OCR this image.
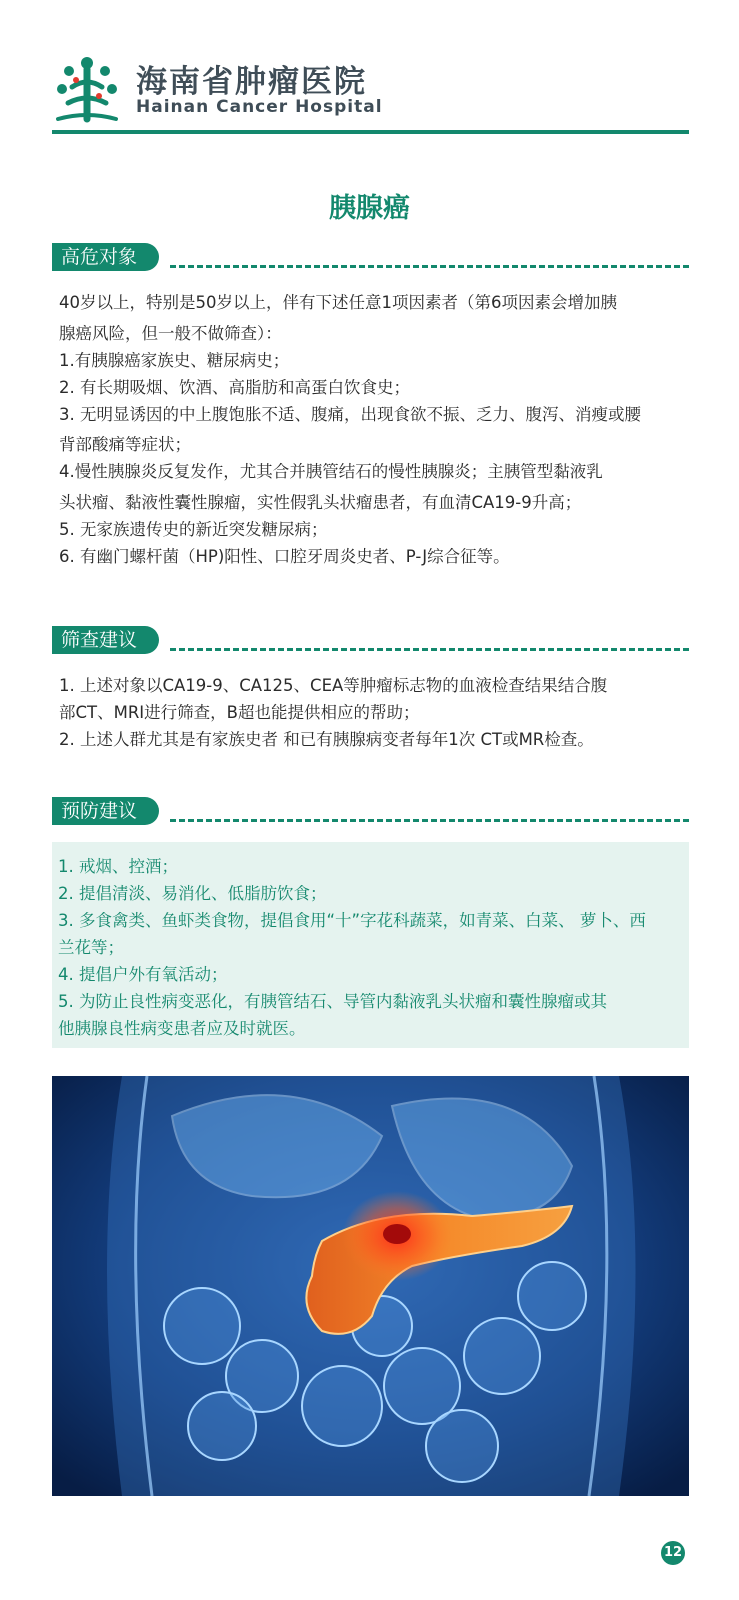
海南省肿瘤医院
Hainan Cancer Hospital
胰腺癌
高危对象
40岁以上，特别是50岁以上，伴有下述任意1项因素者（第6项因素会增加胰
腺癌风险，但一般不做筛查）：
1.有胰腺癌家族史、糖尿病史；
2. 有长期吸烟、饮酒、高脂肪和高蛋白饮食史；
3. 无明显诱因的中上腹饱胀不适、腹痛，出现食欲不振、乏力、腹泻、消瘦或腰
背部酸痛等症状；
4.慢性胰腺炎反复发作，尤其合并胰管结石的慢性胰腺炎；主胰管型黏液乳
头状瘤、黏液性囊性腺瘤，实性假乳头状瘤患者，有血清CA19-9升高；
5. 无家族遗传史的新近突发糖尿病；
6. 有幽门螺杆菌（HP)阳性、口腔牙周炎史者、P-J综合征等。
筛查建议
1. 上述对象以CA19-9、CA125、CEA等肿瘤标志物的血液检查结果结合腹
部CT、MRI进行筛查，B超也能提供相应的帮助；
2. 上述人群尤其是有家族史者 和已有胰腺病变者每年1次 CT或MR检查。
预防建议
1. 戒烟、控酒；
2. 提倡清淡、易消化、低脂肪饮食；
3. 多食禽类、鱼虾类食物，提倡食用“十”字花科蔬菜，如青菜、白菜、 萝卜、西
兰花等；
4. 提倡户外有氧活动；
5. 为防止良性病变恶化，有胰管结石、导管内黏液乳头状瘤和囊性腺瘤或其
他胰腺良性病变患者应及时就医。
12
